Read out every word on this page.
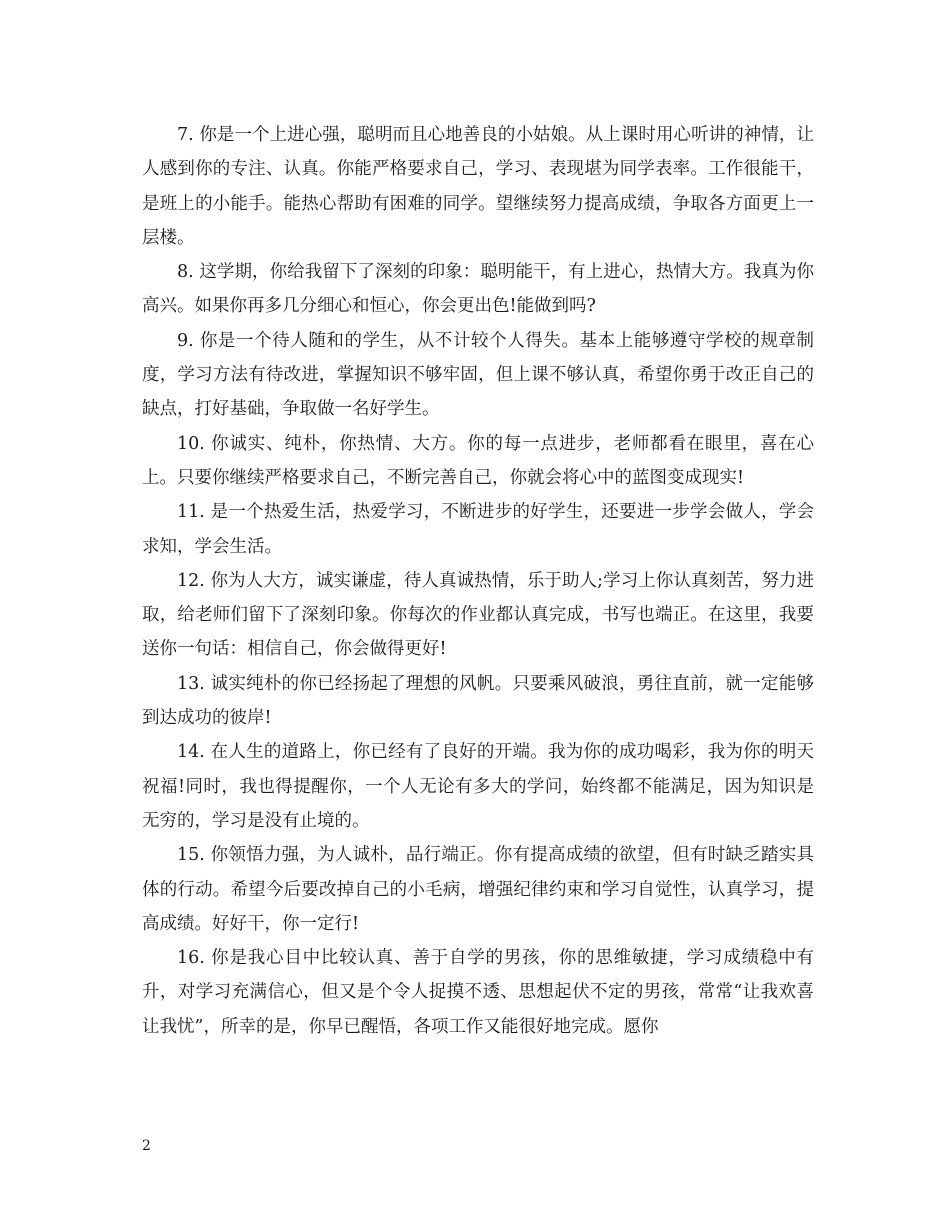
7. 你是一个上进心强，聪明而且心地善良的小姑娘。从上课时用心听讲的神情，让人感到你的专注、认真。你能严格要求自己，学习、表现堪为同学表率。工作很能干，是班上的小能手。能热心帮助有困难的同学。望继续努力提高成绩，争取各方面更上一层楼。

8. 这学期，你给我留下了深刻的印象：聪明能干，有上进心，热情大方。我真为你高兴。如果你再多几分细心和恒心，你会更出色!能做到吗?

9. 你是一个待人随和的学生，从不计较个人得失。基本上能够遵守学校的规章制度，学习方法有待改进，掌握知识不够牢固，但上课不够认真，希望你勇于改正自己的缺点，打好基础，争取做一名好学生。

10. 你诚实、纯朴，你热情、大方。你的每一点进步，老师都看在眼里，喜在心上。只要你继续严格要求自己，不断完善自己，你就会将心中的蓝图变成现实!

11. 是一个热爱生活，热爱学习，不断进步的好学生，还要进一步学会做人，学会求知，学会生活。

12. 你为人大方，诚实谦虚，待人真诚热情，乐于助人;学习上你认真刻苦，努力进取，给老师们留下了深刻印象。你每次的作业都认真完成，书写也端正。在这里，我要送你一句话：相信自己，你会做得更好!

13. 诚实纯朴的你已经扬起了理想的风帆。只要乘风破浪，勇往直前，就一定能够到达成功的彼岸!

14. 在人生的道路上，你已经有了良好的开端。我为你的成功喝彩，我为你的明天祝福!同时，我也得提醒你，一个人无论有多大的学问，始终都不能满足，因为知识是无穷的，学习是没有止境的。

15. 你领悟力强，为人诚朴，品行端正。你有提高成绩的欲望，但有时缺乏踏实具体的行动。希望今后要改掉自己的小毛病，增强纪律约束和学习自觉性，认真学习，提高成绩。好好干，你一定行!

16. 你是我心目中比较认真、善于自学的男孩，你的思维敏捷，学习成绩稳中有升，对学习充满信心，但又是个令人捉摸不透、思想起伏不定的男孩，常常“让我欢喜让我忧”，所幸的是，你早已醒悟，各项工作又能很好地完成。愿你

2
